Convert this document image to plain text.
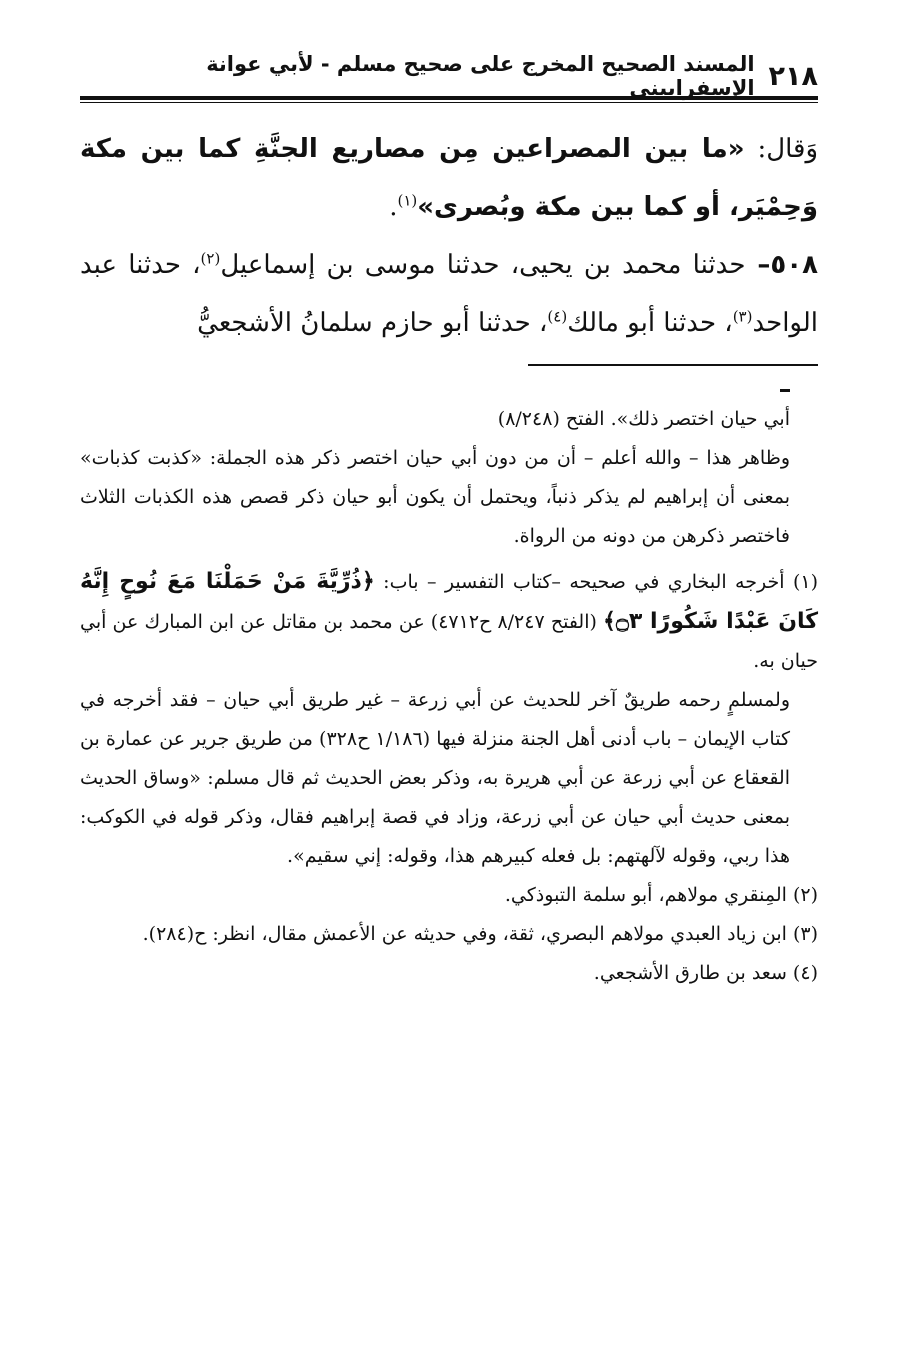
٢١٨
المسند الصحيح المخرج على صحيح مسلم - لأبي عوانة الإسفراييني

وَقال: «ما بين المصراعين مِن مصاريع الجنَّةِ كما بين مكة وَحِمْيَر، أو كما بين مكة وبُصرى»$^{(١)}$.

٥٠٨– حدثنا محمد بن يحيى، حدثنا موسى بن إسماعيل$^{(٢)}$، حدثنا عبد الواحد$^{(٣)}$، حدثنا أبو مالك$^{(٤)}$، حدثنا أبو حازم سلمانُ الأشجعيُّ

أبي حيان اختصر ذلك». الفتح (٨/٢٤٨)

وظاهر هذا – والله أعلم – أن من دون أبي حيان اختصر ذكر هذه الجملة: «كذبت كذبات» بمعنى أن إبراهيم لم يذكر ذنباً، ويحتمل أن يكون أبو حيان ذكر قصص هذه الكذبات الثلاث فاختصر ذكرهن من دونه من الرواة.

(١) أخرجه البخاري في صحيحه –كتاب التفسير – باب: ﴿ذُرِّيَّةَ مَنْ حَمَلْنَا مَعَ نُوحٍ إِنَّهُ كَانَ عَبْدًا شَكُورًا ۝٣﴾ (الفتح ٨/٢٤٧ ح٤٧١٢) عن محمد بن مقاتل عن ابن المبارك عن أبي حيان به.

ولمسلمٍ رحمه طريقٌ آخر للحديث عن أبي زرعة – غير طريق أبي حيان – فقد أخرجه في كتاب الإيمان – باب أدنى أهل الجنة منزلة فيها (١/١٨٦ ح٣٢٨) من طريق جرير عن عمارة بن القعقاع عن أبي زرعة عن أبي هريرة به، وذكر بعض الحديث ثم قال مسلم: «وساق الحديث بمعنى حديث أبي حيان عن أبي زرعة، وزاد في قصة إبراهيم فقال، وذكر قوله في الكوكب: هذا ربي، وقوله لآلهتهم: بل فعله كبيرهم هذا، وقوله: إني سقيم».

(٢) المِنقري مولاهم، أبو سلمة التبوذكي.

(٣) ابن زياد العبدي مولاهم البصري، ثقة، وفي حديثه عن الأعمش مقال، انظر: ح(٢٨٤).

(٤) سعد بن طارق الأشجعي.
